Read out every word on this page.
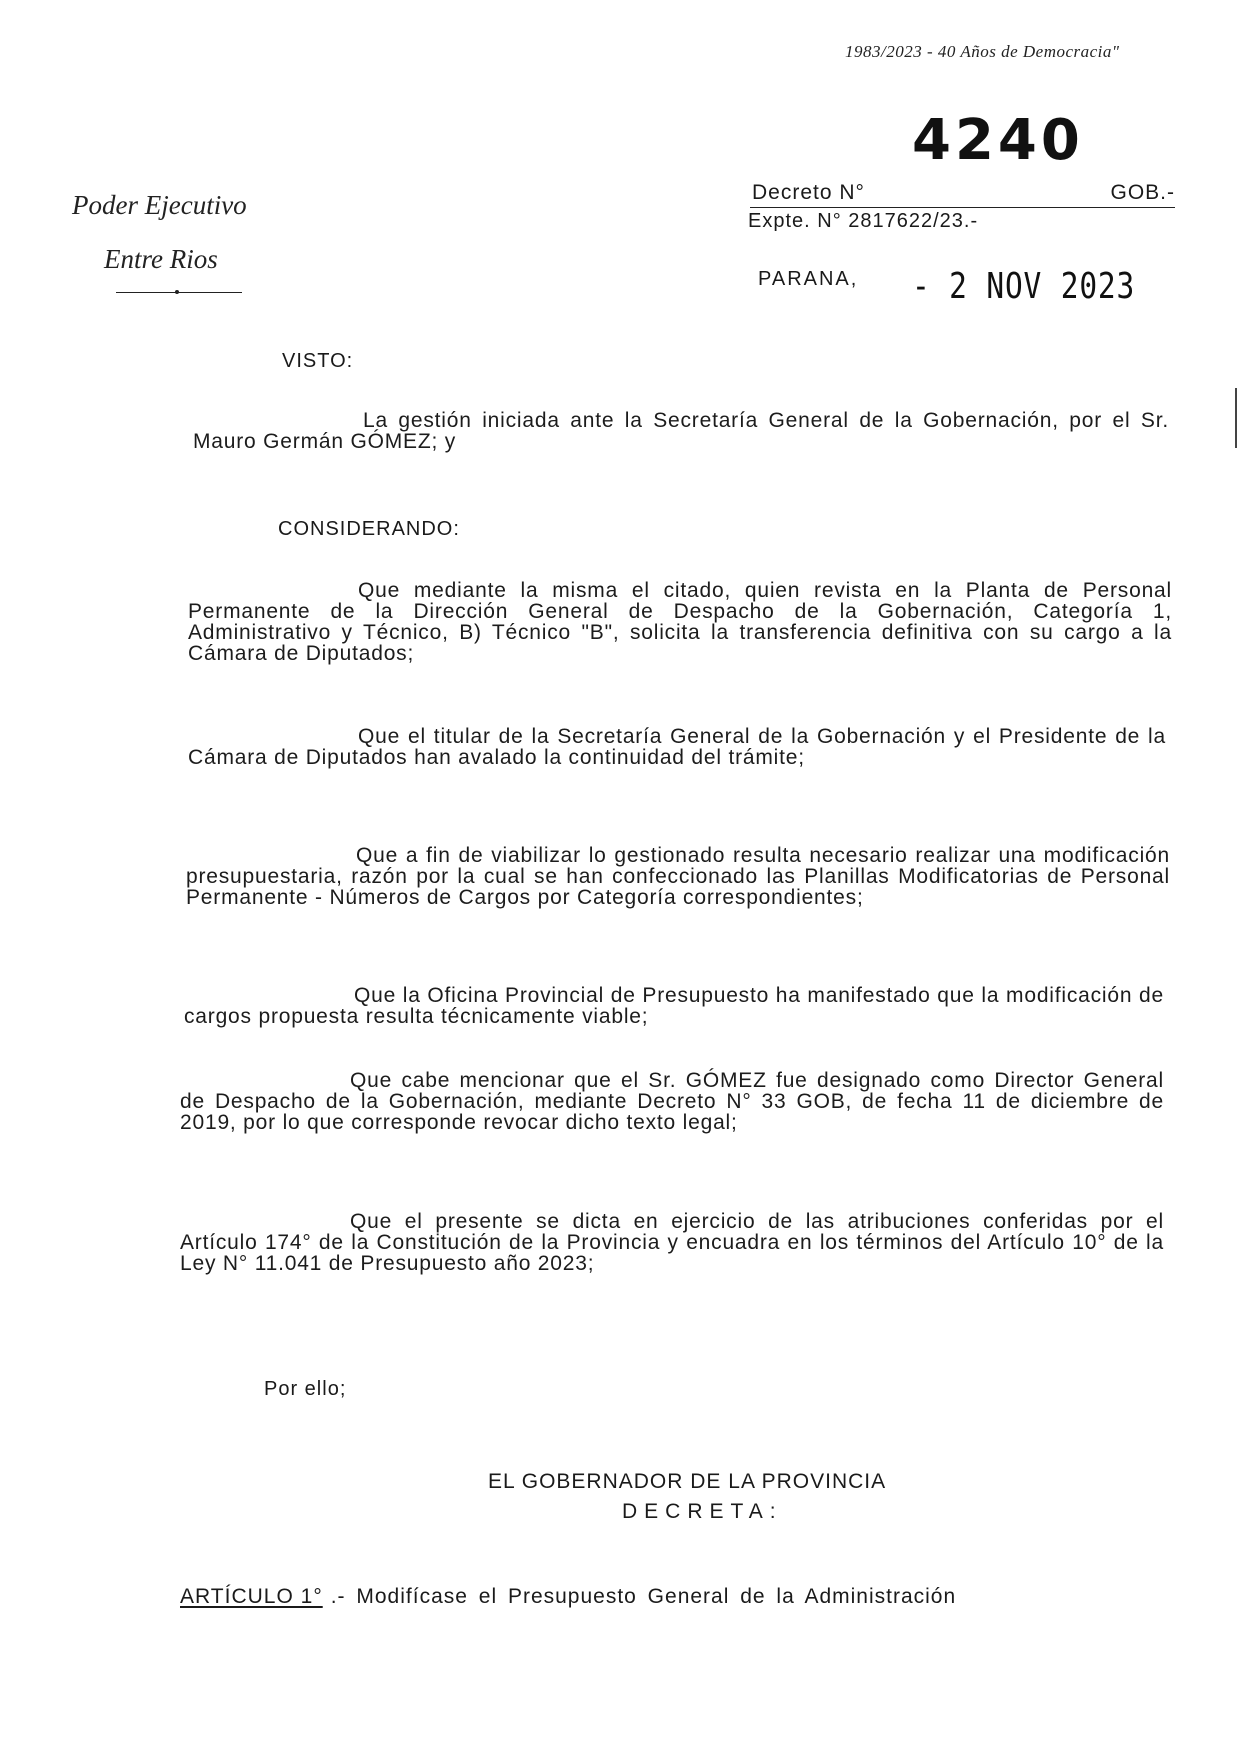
1983/2023 - 40 Años de Democracia"
4240
Decreto N°	GOB.-
Expte. N° 2817622/23.-
PARANA, - 2 NOV 2023
Poder Ejecutivo
Entre Rios
VISTO:
La gestión iniciada ante la Secretaría General de la Gobernación, por el Sr. Mauro Germán GÓMEZ; y
CONSIDERANDO:
Que mediante la misma el citado, quien revista en la Planta de Personal Permanente de la Dirección General de Despacho de la Gobernación, Categoría 1, Administrativo y Técnico, B) Técnico "B", solicita la transferencia definitiva con su cargo a la Cámara de Diputados;
Que el titular de la Secretaría General de la Gobernación y el Presidente de la Cámara de Diputados han avalado la continuidad del trámite;
Que a fin de viabilizar lo gestionado resulta necesario realizar una modificación presupuestaria, razón por la cual se han confeccionado las Planillas Modificatorias de Personal Permanente - Números de Cargos por Categoría correspondientes;
Que la Oficina Provincial de Presupuesto ha manifestado que la modificación de cargos propuesta resulta técnicamente viable;
Que cabe mencionar que el Sr. GÓMEZ fue designado como Director General de Despacho de la Gobernación, mediante Decreto N° 33 GOB, de fecha 11 de diciembre de 2019, por lo que corresponde revocar dicho texto legal;
Que el presente se dicta en ejercicio de las atribuciones conferidas por el Artículo 174° de la Constitución de la Provincia y encuadra en los términos del Artículo 10° de la Ley N° 11.041 de Presupuesto año 2023;
Por ello;
EL GOBERNADOR DE LA PROVINCIA
DECRETA:
ARTÍCULO 1° .- Modifícase el Presupuesto General de la Administración
